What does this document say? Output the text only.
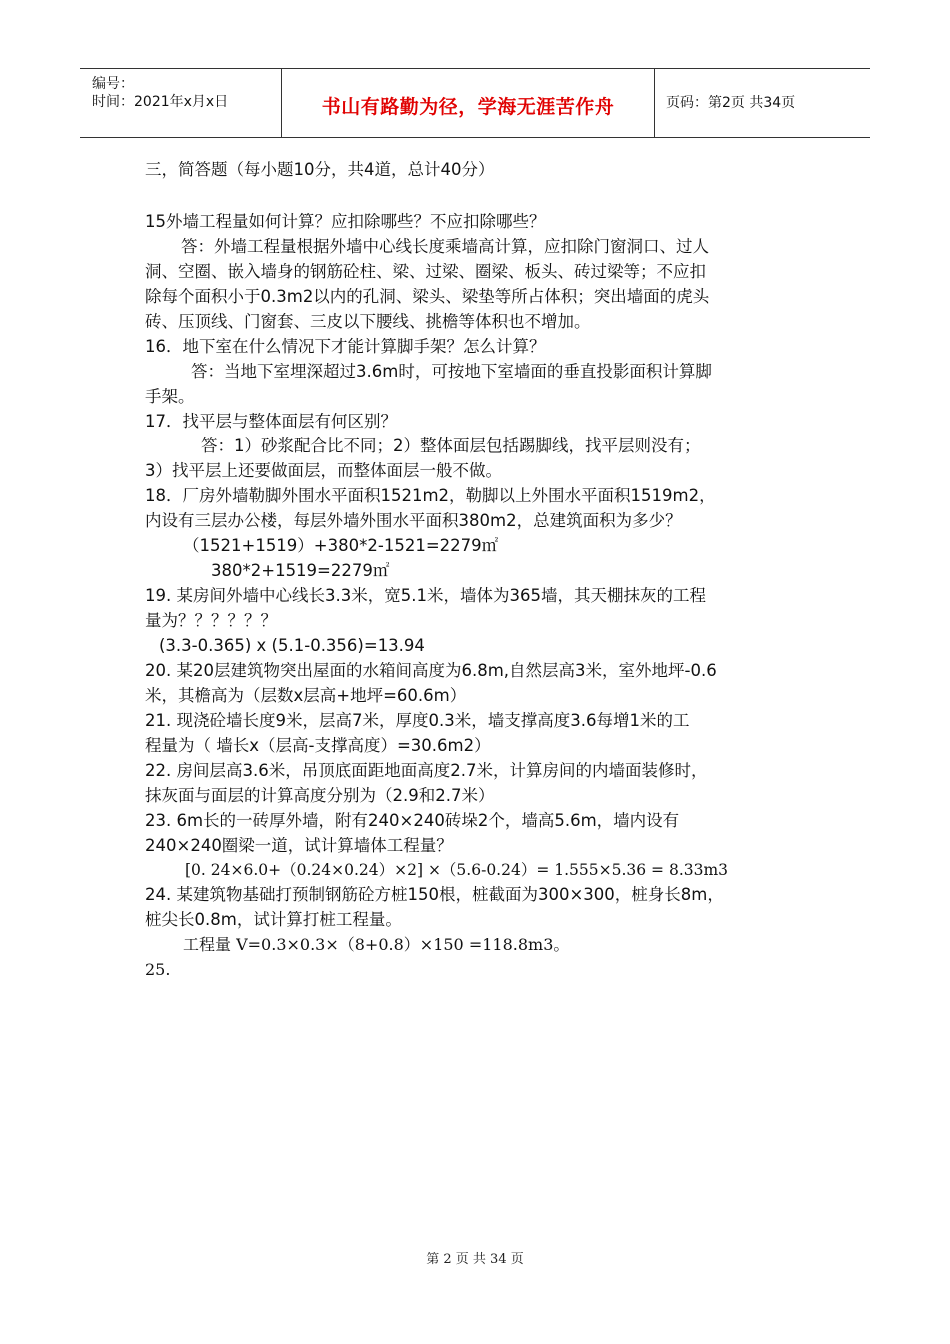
编号：
时间：2021年x月x日	书山有路勤为径，学海无涯苦作舟	页码：第2页 共34页
三，简答题（每小题10分，共4道，总计40分）
15外墙工程量如何计算？应扣除哪些？不应扣除哪些？
答：外墙工程量根据外墙中心线长度乘墙高计算，应扣除门窗洞口、过人
洞、空圈、嵌入墙身的钢筋砼柱、梁、过梁、圈梁、板头、砖过梁等；不应扣
除每个面积小于0.3m2以内的孔洞、梁头、梁垫等所占体积；突出墙面的虎头
砖、压顶线、门窗套、三皮以下腰线、挑檐等体积也不增加。
16．地下室在什么情况下才能计算脚手架？怎么计算？
答：当地下室埋深超过3.6m时，可按地下室墙面的垂直投影面积计算脚
手架。
17．找平层与整体面层有何区别？
答：1）砂浆配合比不同；2）整体面层包括踢脚线，找平层则没有；
3）找平层上还要做面层，而整体面层一般不做。
18．厂房外墙勒脚外围水平面积1521m2，勒脚以上外围水平面积1519m2，
内设有三层办公楼，每层外墙外围水平面积380m2，总建筑面积为多少？
（1521+1519）+380*2-1521=2279㎡
380*2+1519=2279㎡
19. 某房间外墙中心线长3.3米，宽5.1米，墙体为365墙，其天棚抹灰的工程
量为？？？？？？
(3.3-0.365) x (5.1-0.356)=13.94
20. 某20层建筑物突出屋面的水箱间高度为6.8m,自然层高3米，室外地坪-0.6
米，其檐高为（层数x层高+地坪=60.6m）
21. 现浇砼墙长度9米，层高7米，厚度0.3米，墙支撑高度3.6每增1米的工
程量为（ 墙长x（层高-支撑高度）=30.6m2）
22. 房间层高3.6米，吊顶底面距地面高度2.7米，计算房间的内墙面装修时，
抹灰面与面层的计算高度分别为（2.9和2.7米）
23. 6m长的一砖厚外墙，附有240×240砖垛2个，墙高5.6m，墙内设有
240×240圈梁一道，试计算墙体工程量？
[0. 24×6.0+（0.24×0.24）×2] ×（5.6-0.24）= 1.555×5.36 = 8.33m3
24. 某建筑物基础打预制钢筋砼方桩150根，桩截面为300×300，桩身长8m，
桩尖长0.8m，试计算打桩工程量。
工程量 V=0.3×0.3×（8+0.8）×150 =118.8m3。
25.
第 2 页 共 34 页
